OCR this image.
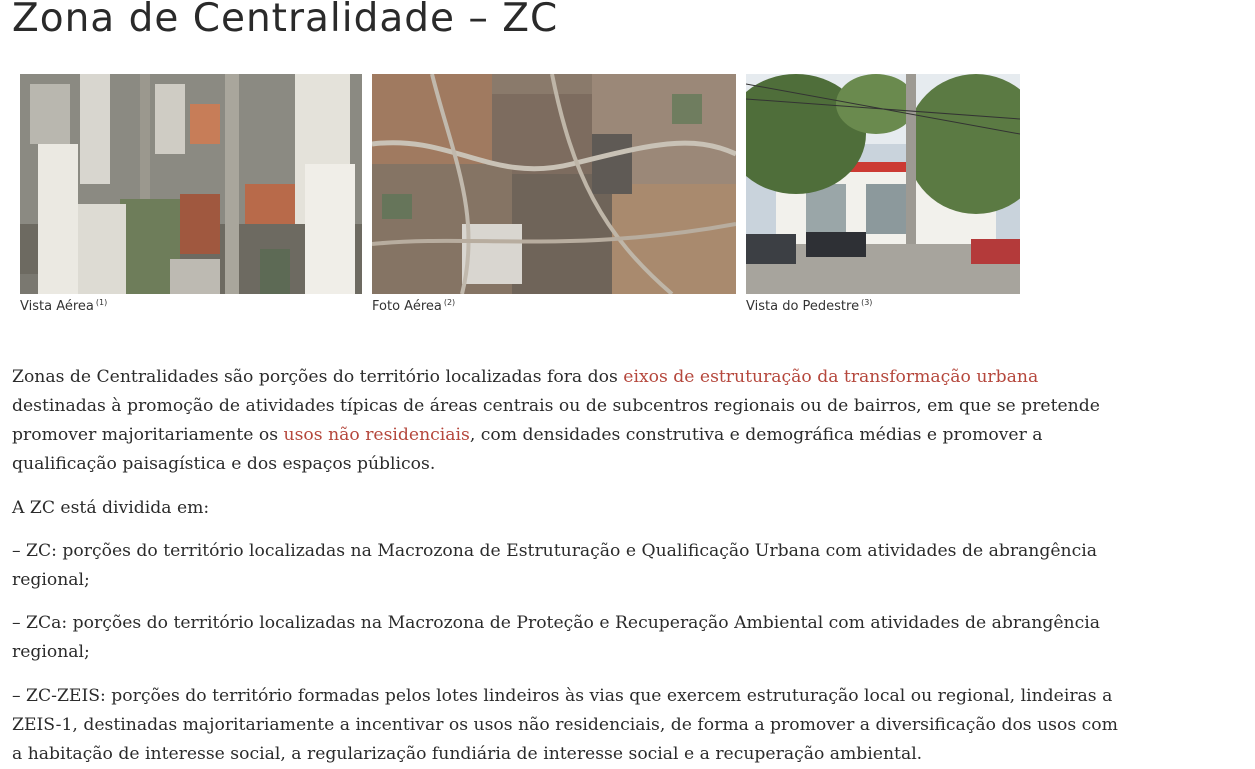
Zona de Centralidade – ZC
Vista Aérea $^{(1)}$	Foto Aérea $^{(2)}$	Vista do Pedestre $^{(3)}$

Zonas de Centralidades são porções do território localizadas fora dos eixos de estruturação da transformação urbana destinadas à promoção de atividades típicas de áreas centrais ou de subcentros regionais ou de bairros, em que se pretende promover majoritariamente os usos não residenciais, com densidades construtiva e demográfica médias e promover a qualificação paisagística e dos espaços públicos.

A ZC está dividida em:

– ZC: porções do território localizadas na Macrozona de Estruturação e Qualificação Urbana com atividades de abrangência regional;

– ZCa: porções do território localizadas na Macrozona de Proteção e Recuperação Ambiental com atividades de abrangência regional;

– ZC-ZEIS: porções do território formadas pelos lotes lindeiros às vias que exercem estruturação local ou regional, lindeiras a ZEIS-1, destinadas majoritariamente a incentivar os usos não residenciais, de forma a promover a diversificação dos usos com a habitação de interesse social, a regularização fundiária de interesse social e a recuperação ambiental.
